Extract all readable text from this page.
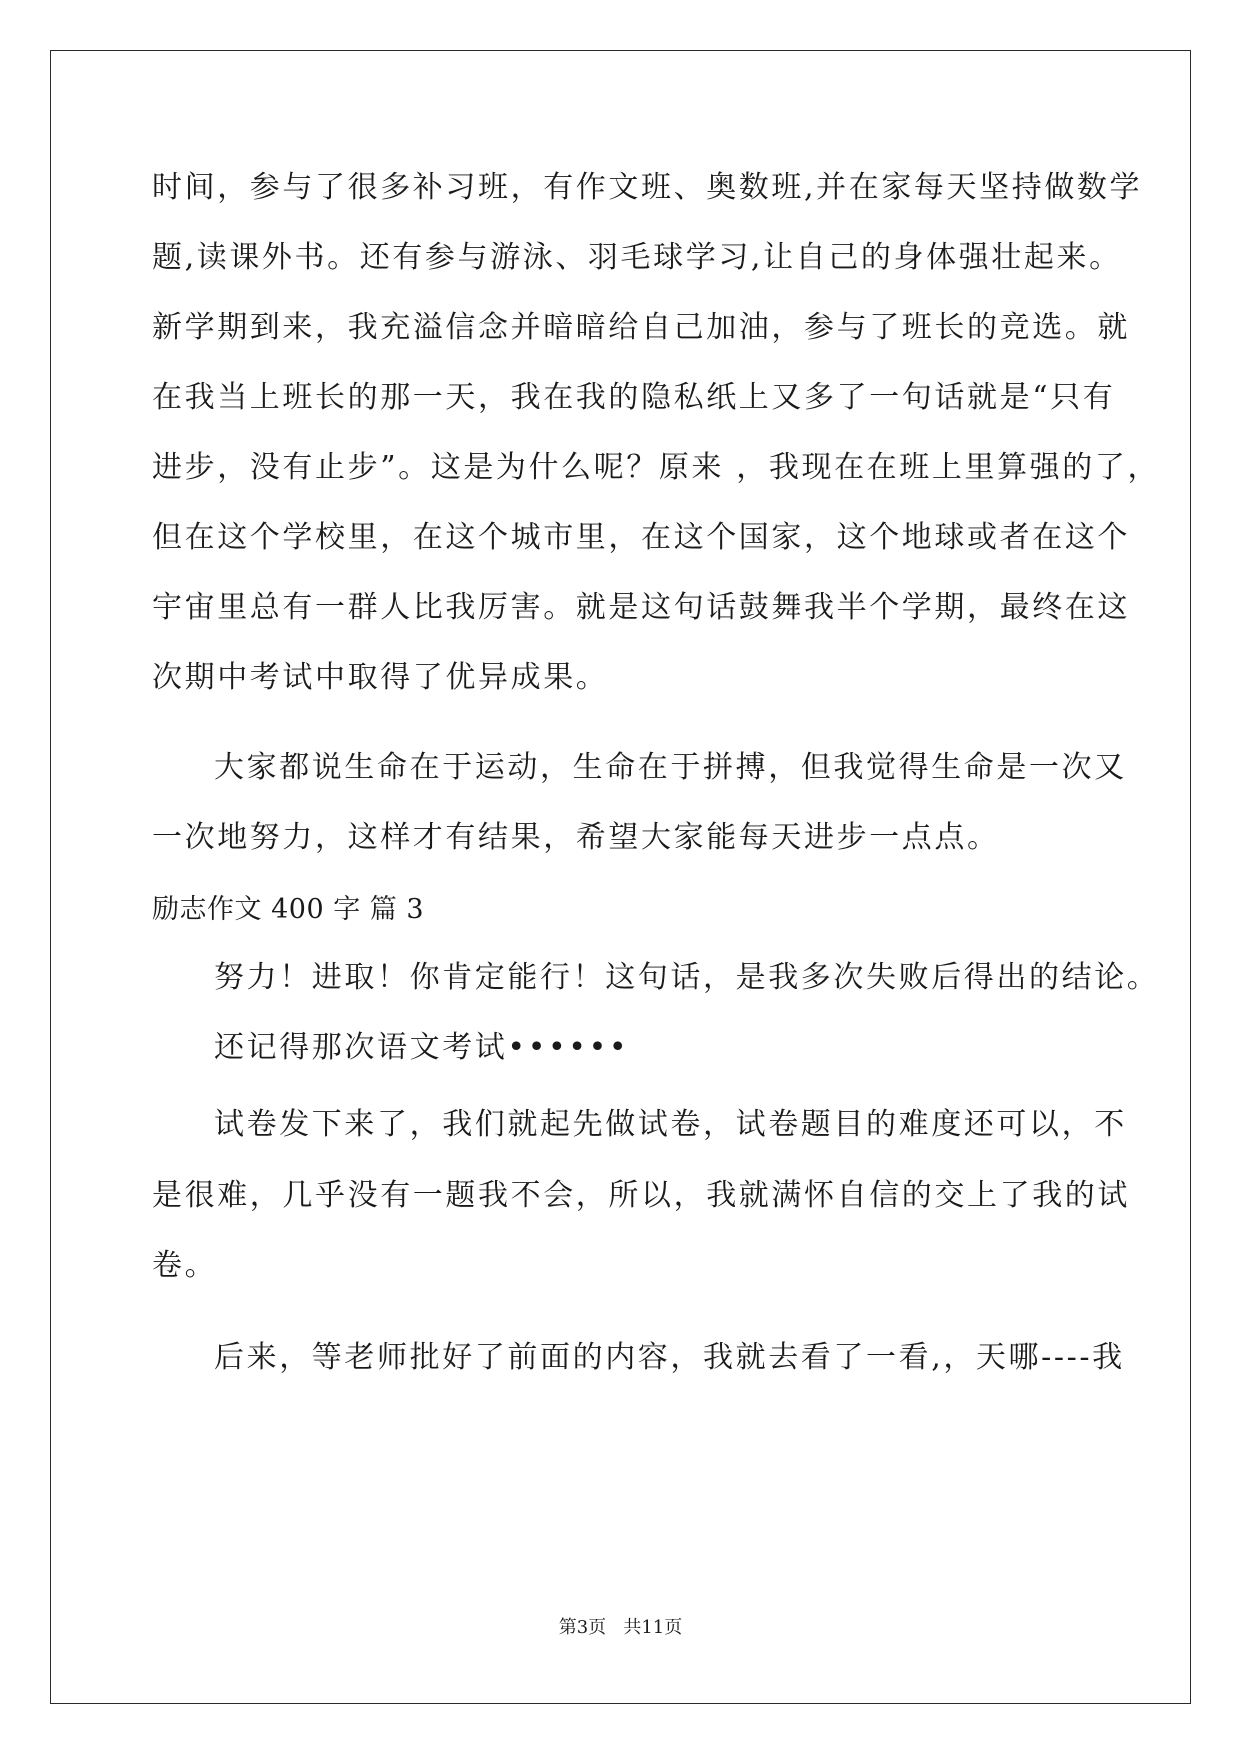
时间，参与了很多补习班，有作文班、奥数班,并在家每天坚持做数学
题,读课外书。还有参与游泳、羽毛球学习,让自己的身体强壮起来。
新学期到来，我充溢信念并暗暗给自己加油，参与了班长的竞选。就
在我当上班长的那一天，我在我的隐私纸上又多了一句话就是“只有
进步，没有止步”。这是为什么呢？原来 ，我现在在班上里算强的了，
但在这个学校里，在这个城市里，在这个国家，这个地球或者在这个
宇宙里总有一群人比我厉害。就是这句话鼓舞我半个学期，最终在这
次期中考试中取得了优异成果。
大家都说生命在于运动，生命在于拼搏，但我觉得生命是一次又
一次地努力，这样才有结果，希望大家能每天进步一点点。
励志作文 400 字 篇 3
努力！进取！你肯定能行！这句话，是我多次失败后得出的结论。
还记得那次语文考试••••••
试卷发下来了，我们就起先做试卷，试卷题目的难度还可以，不
是很难，几乎没有一题我不会，所以，我就满怀自信的交上了我的试
卷。
后来，等老师批好了前面的内容，我就去看了一看,，天哪----我
第3页   共11页
